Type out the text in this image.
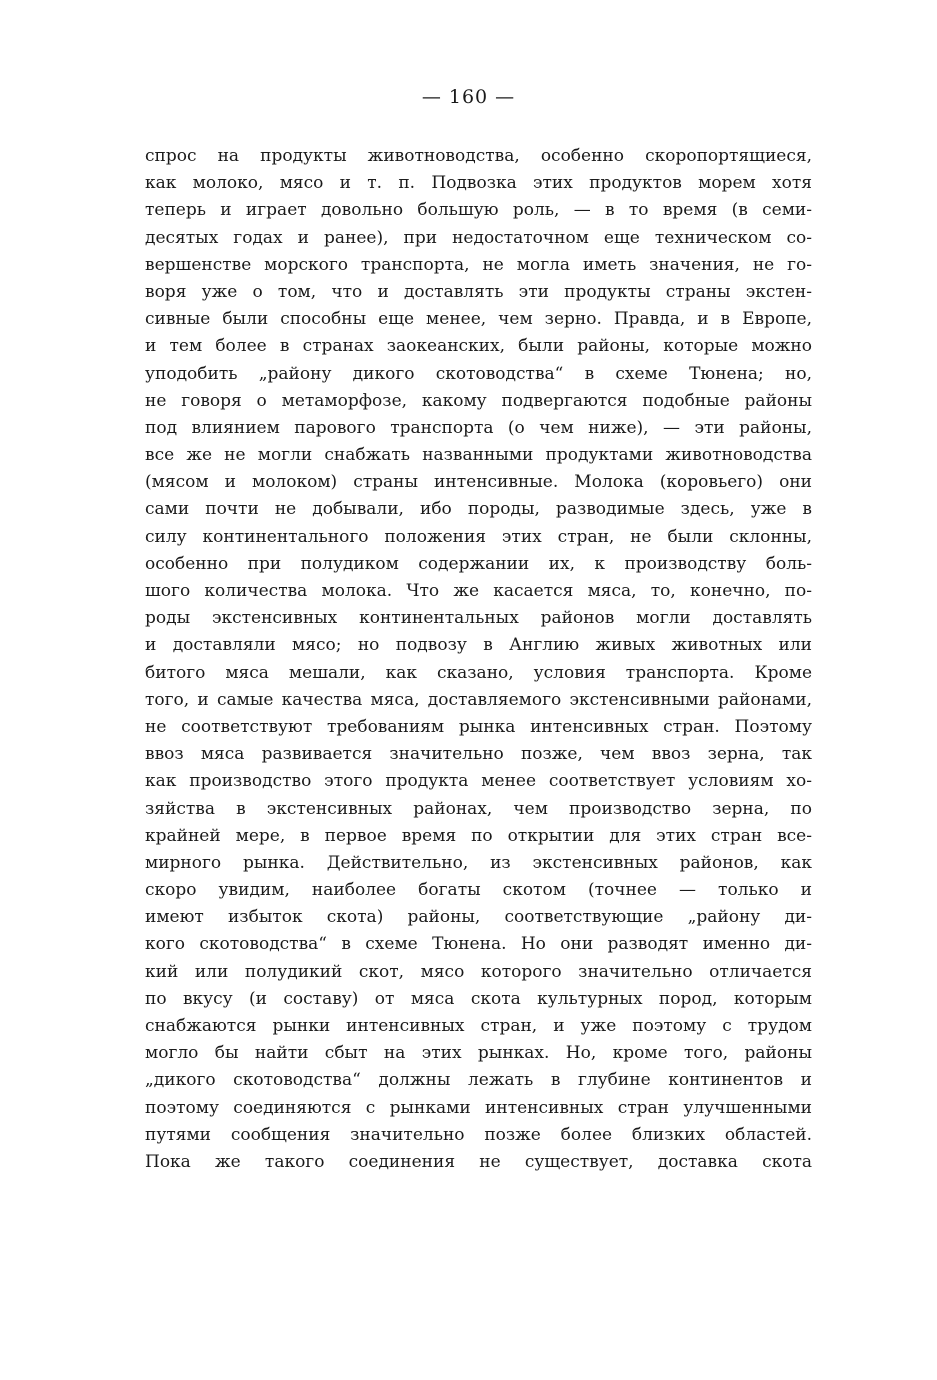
— 160 —
спрос на продукты животноводства, особенно скоропортящиеся,
как молоко, мясо и т. п. Подвозка этих продуктов морем хотя
теперь и играет довольно большую роль, — в то время (в семи-
десятых годах и ранее), при недостаточном еще техническом со-
вершенстве морского транспорта, не могла иметь значения, не го-
воря уже о том, что и доставлять эти продукты страны экстен-
сивные были способны еще менее, чем зерно. Правда, и в Европе,
и тем более в странах заокеанских, были районы, которые можно
уподобить „району дикого скотоводства“ в схеме Тюнена; но,
не говоря о метаморфозе, какому подвергаются подобные районы
под влиянием парового транспорта (о чем ниже), — эти районы,
все же не могли снабжать названными продуктами животноводства
(мясом и молоком) страны интенсивные. Молока (коровьего) они
сами почти не добывали, ибо породы, разводимые здесь, уже в
силу континентального положения этих стран, не были склонны,
особенно при полудиком содержании их, к производству боль-
шого количества молока. Что же касается мяса, то, конечно, по-
роды экстенсивных континентальных районов могли доставлять
и доставляли мясо; но подвозу в Англию живых животных или
битого мяса мешали, как сказано, условия транспорта. Кроме
того, и самые качества мяса, доставляемого экстенсивными районами,
не соответствуют требованиям рынка интенсивных стран. Поэтому
ввоз мяса развивается значительно позже, чем ввоз зерна, так
как производство этого продукта менее соответствует условиям хо-
зяйства в экстенсивных районах, чем производство зерна, по
крайней мере, в первое время по открытии для этих стран все-
мирного рынка. Действительно, из экстенсивных районов, как
скоро увидим, наиболее богаты скотом (точнее — только и
имеют избыток скота) районы, соответствующие „району ди-
кого скотоводства“ в схеме Тюнена. Но они разводят именно ди-
кий или полудикий скот, мясо которого значительно отличается
по вкусу (и составу) от мяса скота культурных пород, которым
снабжаются рынки интенсивных стран, и уже поэтому с трудом
могло бы найти сбыт на этих рынках. Но, кроме того, районы
„дикого скотоводства“ должны лежать в глубине континентов и
поэтому соединяются с рынками интенсивных стран улучшенными
путями сообщения значительно позже более близких областей.
Пока же такого соединения не существует, доставка скота
